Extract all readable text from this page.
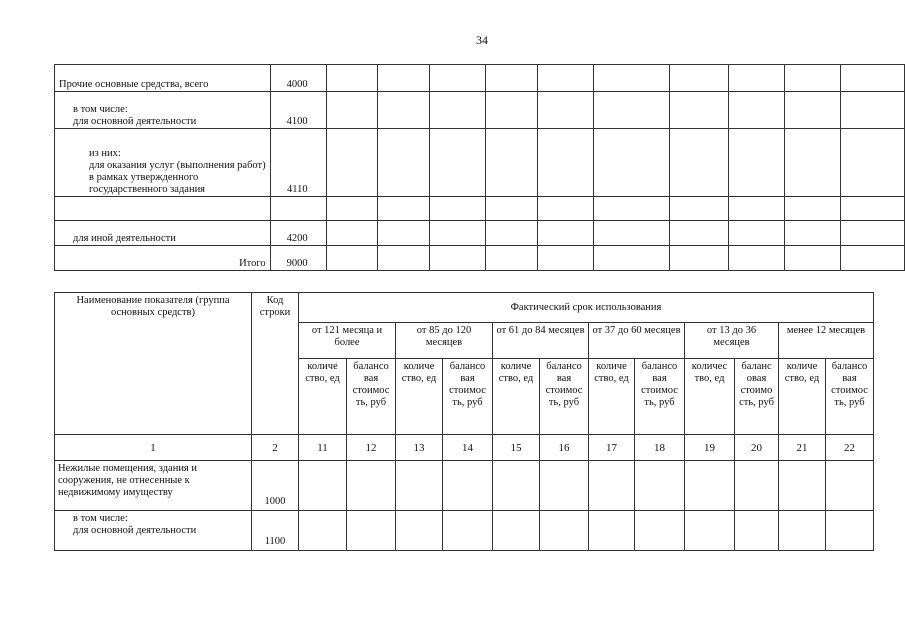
34
Прочие основные средства, всего	4000										
в том числе:
для основной деятельности	4100										
из них:
для оказания услуг (выполнения работ) в рамках утвержденного государственного задания	4110										

для иной деятельности	4200										
Итого	9000										
Наименование показателя (группа основных средств)	Код строки	Фактический срок использования											
		от 121 месяца и более		от 85 до 120 месяцев		от 61 до 84 месяцев		от 37 до 60 месяцев		от 13 до 36 месяцев		менее 12 месяцев	
		количе ство, ед	балансо вая стоимос ть, руб	количе ство, ед	балансо вая стоимос ть, руб	количе ство, ед	балансо вая стоимос ть, руб	количе ство, ед	балансо вая стоимос ть, руб	количес тво, ед	баланс овая стоимо сть, руб	количе ство, ед	балансо вая стоимос ть, руб
1	2	11	12	13	14	15	16	17	18	19	20	21	22
Нежилые помещения, здания и сооружения, не отнесенные к недвижимому имуществу	1000												
в том числе:
для основной деятельности	1100												
